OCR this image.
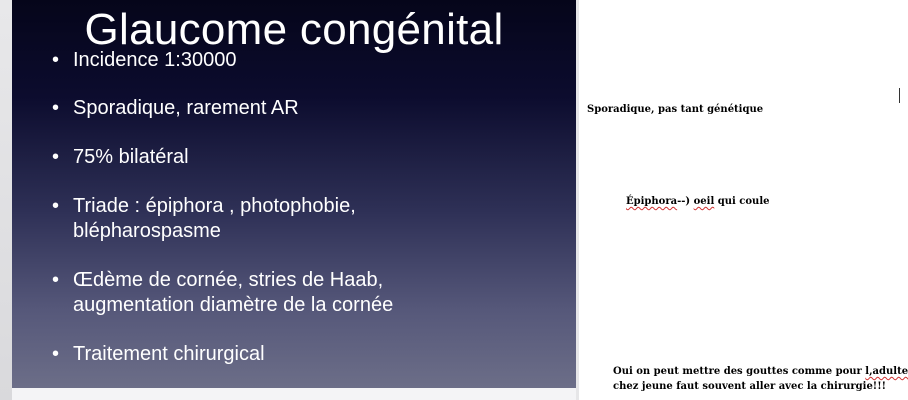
Glaucome congénital
• Incidence 1:30000
• Sporadique, rarement AR
• 75% bilatéral
• Triade : épiphora , photophobie, blépharospasme
• Œdème de cornée, stries de Haab, augmentation diamètre de la cornée
• Traitement chirurgical
Sporadique, pas tant génétique
Épiphora--) oeil qui coule
Oui on peut mettre des gouttes comme pour l,adulte
chez jeune faut souvent aller avec la chirurgie!!!
